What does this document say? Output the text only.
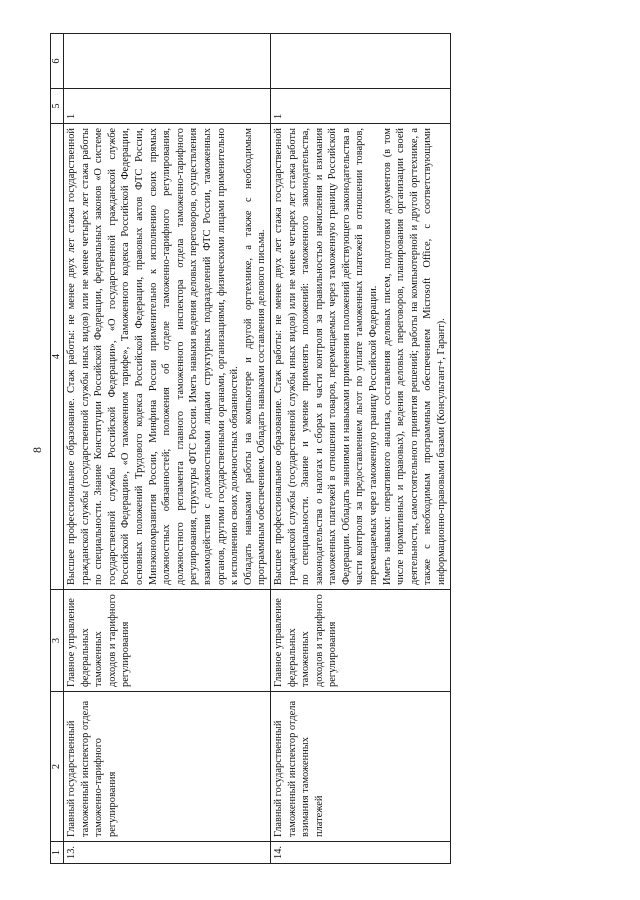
8
1	2	3	4	5	6
13.	Главный государственный таможенный инспектор отдела таможенно-тарифного регулирования	Главное управление федеральных таможенных доходов и тарифного регулирования	Высшее профессиональное образование. Стаж работы: не менее двух лет стажа государственной гражданской службы (государственной службы иных видов) или не менее четырех лет стажа работы по специальности. Знание Конституции Российской Федерации, федеральных законов «О системе государственной службы Российской Федерации», «О государственной гражданской службе Российской Федерации», «О таможенном тарифе», Таможенного кодекса Российской Федерации, основных положений Трудового кодекса Российской Федерации, правовых актов ФТС России, Минэкономразвития России, Минфина России применительно к исполнению своих прямых должностных обязанностей; положения об отделе таможенно-тарифного регулирования, должностного регламента главного таможенного инспектора отдела таможенно-тарифного регулирования, структуры ФТС России. Иметь навыки ведения деловых переговоров, осуществления взаимодействия с должностными лицами структурных подразделений ФТС России, таможенных органов, другими государственными органами, организациями, физическими лицами применительно к исполнению своих должностных обязанностей. Обладать навыками работы на компьютере и другой оргтехнике, а также с необходимым программным обеспечением. Обладать навыками составления делового письма.	1	
14.	Главный государственный таможенный инспектор отдела взимания таможенных платежей	Главное управление федеральных таможенных доходов и тарифного регулирования	Высшее профессиональное образование. Стаж работы: не менее двух лет стажа государственной гражданской службы (государственной службы иных видов) или не менее четырех лет стажа работы по специальности. Знание и умение применять положений: таможенного законодательства, законодательства о налогах и сборах в части контроля за правильностью начисления и взимания таможенных платежей в отношении товаров, перемещаемых через таможенную границу Российской Федерации. Обладать знаниями и навыками применения положений действующего законодательства в части контроля за предоставлением льгот по уплате таможенных платежей в отношении товаров, перемещаемых через таможенную границу Российской Федерации. Иметь навыки: оперативного анализа, составления деловых писем, подготовки документов (в том числе нормативных и правовых), ведения деловых переговоров, планирования организации своей деятельности, самостоятельного принятия решений; работы на компьютерной и другой оргтехнике, а также с необходимым программным обеспечением Microsoft Office, с соответствующими информационно-правовыми базами (Консультант+, Гарант).	1	
